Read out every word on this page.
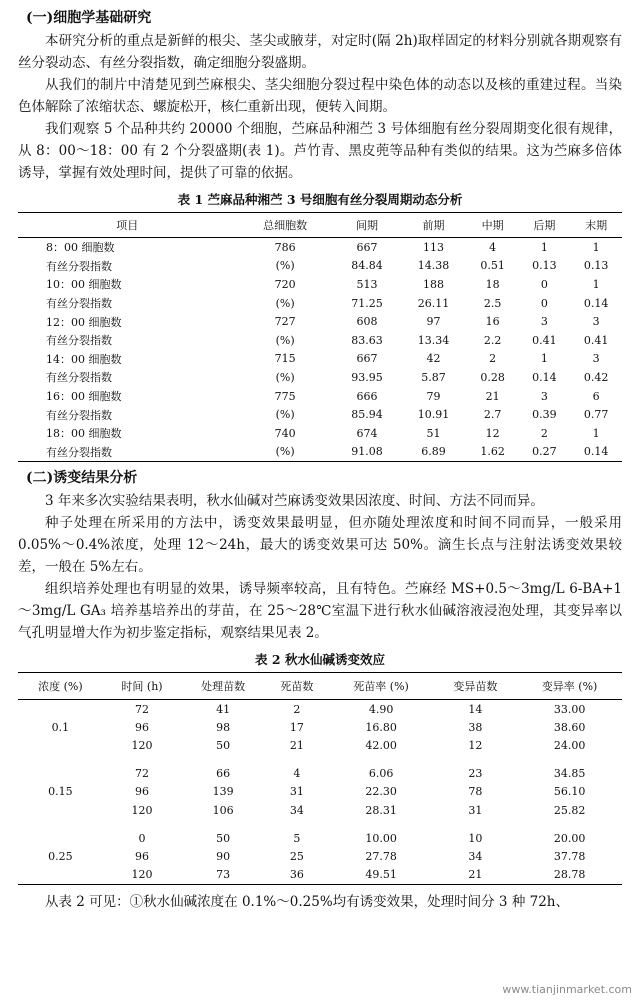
(一)细胞学基础研究

本研究分析的重点是新鲜的根尖、茎尖或腋芽，对定时(隔 2h)取样固定的材料分别就各期观察有丝分裂动态、有丝分裂指数，确定细胞分裂盛期。

从我们的制片中清楚见到苎麻根尖、茎尖细胞分裂过程中染色体的动态以及核的重建过程。当染色体解除了浓缩状态、螺旋松开，核仁重新出现，便转入间期。

我们观察 5 个品种共约 20000 个细胞，苎麻品种湘苎 3 号体细胞有丝分裂周期变化很有规律，从 8：00～18：00 有 2 个分裂盛期(表 1)。芦竹青、黑皮蔸等品种有类似的结果。这为苎麻多倍体诱导，掌握有效处理时间，提供了可靠的依据。

表 1 苎麻品种湘苎 3 号细胞有丝分裂周期动态分析
项目	总细胞数	间期	前期	中期	后期	末期
8：00 细胞数	786	667	113	4	1	1
有丝分裂指数	(%)	84.84	14.38	0.51	0.13	0.13
10：00 细胞数	720	513	188	18	0	1
有丝分裂指数	(%)	71.25	26.11	2.5	0	0.14
12：00 细胞数	727	608	97	16	3	3
有丝分裂指数	(%)	83.63	13.34	2.2	0.41	0.41
14：00 细胞数	715	667	42	2	1	3
有丝分裂指数	(%)	93.95	5.87	0.28	0.14	0.42
16：00 细胞数	775	666	79	21	3	6
有丝分裂指数	(%)	85.94	10.91	2.7	0.39	0.77
18：00 细胞数	740	674	51	12	2	1
有丝分裂指数	(%)	91.08	6.89	1.62	0.27	0.14
(二)诱变结果分析

3 年来多次实验结果表明，秋水仙碱对苎麻诱变效果因浓度、时间、方法不同而异。

种子处理在所采用的方法中，诱变效果最明显，但亦随处理浓度和时间不同而异，一般采用 0.05%～0.4%浓度，处理 12～24h，最大的诱变效果可达 50%。滴生长点与注射法诱变效果较差，一般在 5%左右。

组织培养处理也有明显的效果，诱导频率较高，且有特色。苎麻经 MS+0.5～3mg/L 6-BA+1～3mg/L GA₃ 培养基培养出的芽苗，在 25～28℃室温下进行秋水仙碱溶液浸泡处理，其变异率以气孔明显增大作为初步鉴定指标，观察结果见表 2。

表 2 秋水仙碱诱变效应
浓度 (%)	时间 (h)	处理苗数	死苗数	死苗率 (%)	变异苗数	变异率 (%)
0.1	72	41	2	4.90	14	33.00
	96	98	17	16.80	38	38.60
	120	50	21	42.00	12	24.00
0.15	72	66	4	6.06	23	34.85
	96	139	31	22.30	78	56.10
	120	106	34	28.31	31	25.82
0.25	0	50	5	10.00	10	20.00
	96	90	25	27.78	34	37.78
	120	73	36	49.51	21	28.78
从表 2 可见：①秋水仙碱浓度在 0.1%～0.25%均有诱变效果，处理时间分 3 种 72h、
www.tianjinmarket.com
